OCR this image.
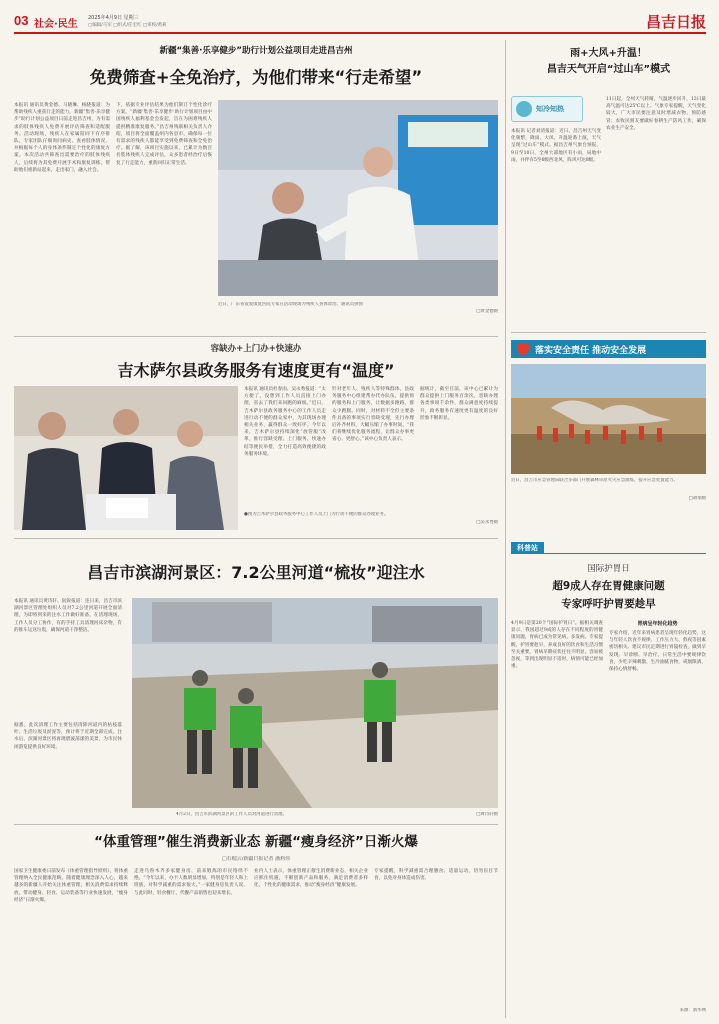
03 社会·民生
2025年4月9日 星期三
□编辑/马军 □组式/任宏红 □审校/黄莉	昌吉日报
新疆“集善·乐享健步”助行计划公益项目走进昌吉州
免费筛查+全免治疗，为他们带来“行走希望”
本报讯 通讯员黄金德、马晓琳、杨晓报道：为帮助残疾人重获行走的能力，新疆“集善·乐享健步”助行计划公益项目日前走进昌吉州，为有需求的肢体残疾人免费开展评估筛查和适配服务。活动现场，残疾人在家属陪同下有序排队，专家团队仔细询问病史、查看肢体情况，并根据每个人的身体条件制定个性化的康复方案。本次活动共筛查出需要治疗的肢体残疾人，后续将为其免费开展手术和康复训练，帮助他们重新站起来，走出家门，融入社会。
下，依据专业评估结果为他们制订个性化诊疗方案。“新疆‘集善·乐享健步’助行计划项目由中国残疾人福利基金会发起，旨在为困难残疾人提供精准康复服务。”昌吉州残联相关负责人介绍，项目将全面覆盖州内各县市，确保每一位有需求的残疾人都能享受到免费筛查和全免治疗。据了解，该项目实施以来，已累计为数百名肢体残疾人完成评估，众多患者经治疗后恢复了行走能力，重新回归正常生活。
近日，广东省爱爱康复医院专家在活动现场为残疾人查体诊治。通讯员供图
□黄金德摄
容缺办+上门办+快速办
吉木萨尔县政务服务有速度更有“温度”
本报讯 通讯员杜春雨、吴永秀报道：“太方便了，没想到工作人员直接上门办理，省去了我们来回跑的麻烦。”近日，吉木萨尔县政务服务中心的工作人员走进行动不便的群众家中，为其现场办理相关业务，赢得群众一致好评。今年以来，吉木萨尔县持续深化“放管服”改革，推行容缺受理、上门服务、快速办结等便民举措，全力打造高效便捷的政务服务环境。
针对老年人、残疾人等特殊群体，县政务服务中心组建帮办代办队伍，提供预约服务和上门服务，让数据多跑路、群众少跑腿。同时，对材料不全但主要条件具备的事项实行容缺受理，先行办理后补齐材料，大幅压缩了办事时间。“我们将继续优化服务流程，让群众办事更省心、更舒心。”该中心负责人表示。
据统计，截至目前，该中心已累计为群众提供上门服务百余次，容缺办理各类事项千余件，群众满意度持续提升，政务服务有速度更有温度的良好形象不断彰显。
●图为吉木萨尔县政务服务中心工作人员上门为行动不便的群众办理业务。
□吴永秀摄
昌吉市滨湖河景区：7.2公里河道“梳妆”迎注水
本报讯 通讯员黄诗轩、阮锐报道：连日来，昌吉市滨湖河景区管理处组织人员对7.2公里河道开展全面清理，为即将到来的注水工作做好准备。在清理现场，工作人员分工协作，有的手持工具清理河床杂物，有的推车运送垃圾，确保河道干净整洁。
据悉，此次清理工作主要包括清除河道内的枯枝落叶、生活垃圾及淤泥等，预计将于近期全部完成。注水后，滨湖河景区将再现碧波荡漾的美景，为市民休闲游览提供良好环境。
4月2日，昌吉市滨湖河景区的工作人员对河道进行清理。	□黄诗轩摄
“体重管理”催生消费新业态 新疆“瘦身经济”日渐火爆
□石榴云/新疆日报记者 潘莉伟
国家卫生健康委日前发布《体重管理指导原则》，将体重管理纳入全民健康范畴。随着健康理念深入人心，越来越多的新疆人开始关注体重管理，相关消费需求持续释放，带动健身、轻食、运动装备等行业快速发展，“瘦身经济”日渐火爆。
走进乌鲁木齐多家健身房，前来锻炼的市民络绎不绝。“今年以来，办卡人数明显增加，特别是年轻人和上班族，对科学减重的需求很大。”一家健身房负责人说。与此同时，轻食餐厅、代餐产品销售也迎来增长。
业内人士表示，体重管理正催生消费新业态，相关企业应抓住机遇，不断创新产品和服务，满足消费者多样化、个性化的健康需求，推动“瘦身经济”健康发展。
专家提醒，科学减重需合理膳食、适量运动，切勿盲目节食，以免对身体造成伤害。
雨+大风+升温！
昌吉天气开启“过山车”模式
知冷知热
本报讯 记者刘清报道：近日，昌吉州天气变化频繁，降雨、大风、升温轮番上演，天气呈现“过山车”模式。据昌吉州气象台预报，9日至10日，全州大部地区有小雨，局地中雨，并伴有5至6级西北风，阵风可达8级。
11日起，全州天气转晴，气温逐步回升，13日最高气温可达25℃以上。气象专家提醒，天气变化较大，广大市民要注意及时增减衣物，预防感冒；农牧民朋友要做好春耕生产防风工作，确保农业生产安全。
落实安全责任 推动安全发展
近日，昌吉市应急管理局联合多部门开展森林草原火灾应急演练，提升应急处置能力。
□胡瑞摄
科普站
国际护胃日
超9成人存在胃健康问题
专家呼吁护胃要趁早
4月9日是第20个“国际护胃日”。据相关调查显示，我国超过9成的人存在不同程度的胃健康问题，胃病已成为常见病、多发病。专家提醒，护胃要趁早，养成良好的饮食和生活习惯至关重要。胃病早期症状往往不明显，容易被忽视，等到出现明显不适时，病情可能已经加重。
胃病呈年轻化趋势
专家介绍，近年来胃病患者呈现年轻化趋势，这与年轻人饮食不规律、工作压力大、熬夜等因素密切相关。建议市民定期进行胃镜检查，做到早发现、早诊断、早治疗。日常生活中要规律饮食，少吃辛辣刺激、生冷油腻食物，戒烟限酒，保持心情舒畅。
来源：新华网
